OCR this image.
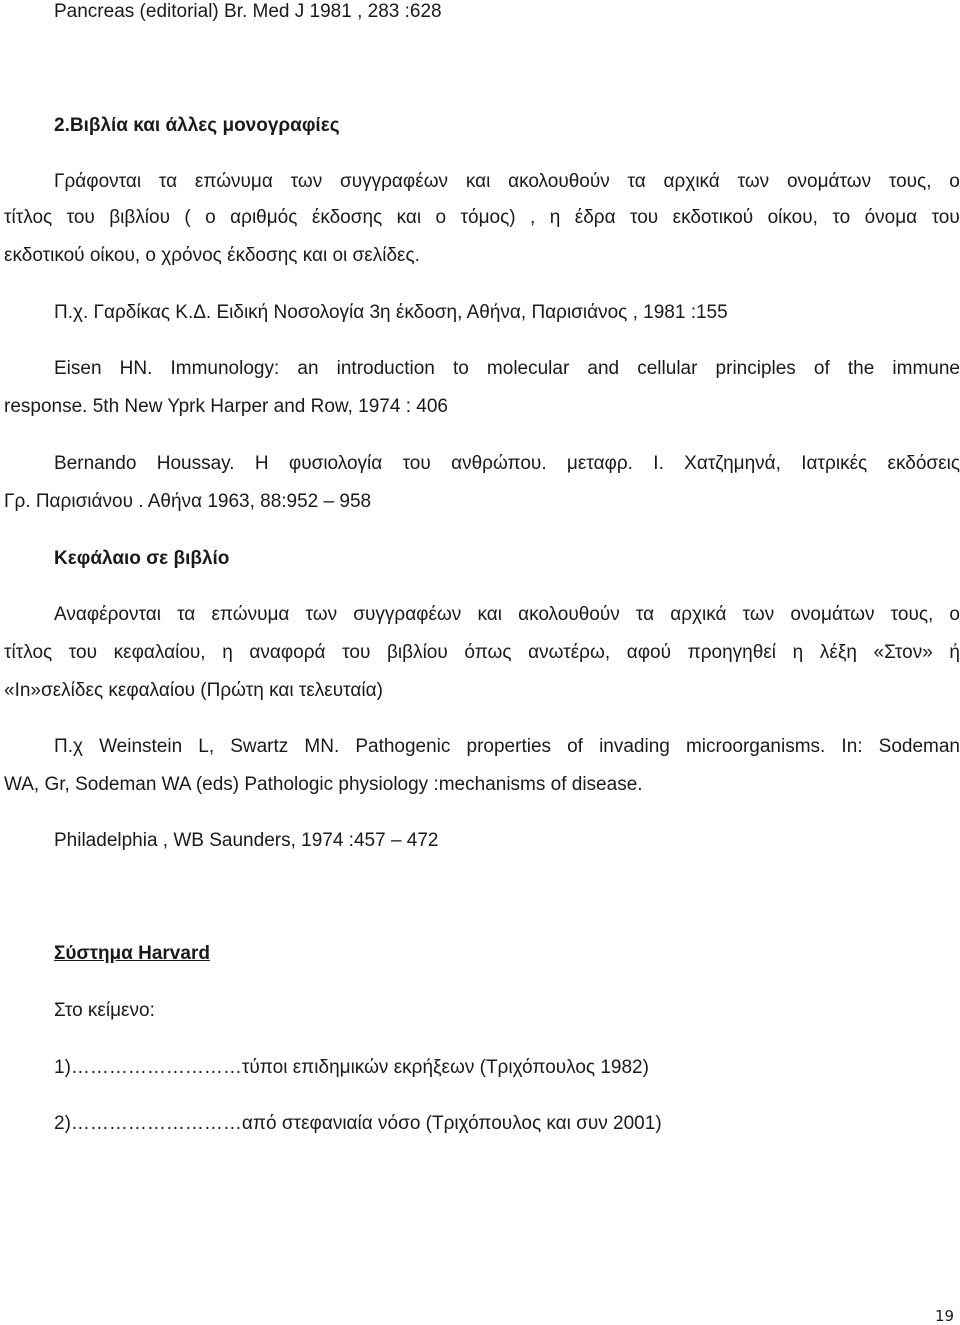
Pancreas (editorial) Br. Med J 1981 , 283 :628
2.Βιβλία και άλλες μονογραφίες
Γράφονται τα επώνυμα των συγγραφέων και ακολουθούν τα αρχικά των ονομάτων τους, ο
τίτλος του βιβλίου ( ο αριθμός έκδοσης και ο τόμος) , η έδρα του εκδοτικού οίκου, το όνομα του
εκδοτικού οίκου, ο χρόνος έκδοσης και οι σελίδες.
Π.χ. Γαρδίκας Κ.Δ. Ειδική Νοσολογία 3η έκδοση, Αθήνα, Παρισιάνος , 1981 :155
Eisen HN. Immunology: an introduction to molecular and cellular principles of the immune
response. 5th New Yprk Harper and Row, 1974 : 406
Bernando Houssay. Η φυσιολογία του ανθρώπου. μεταφρ. Ι. Χατζημηνά, Ιατρικές εκδόσεις
Γρ. Παρισιάνου . Αθήνα 1963, 88:952 – 958
Κεφάλαιο σε βιβλίο
Αναφέρονται τα επώνυμα των συγγραφέων και ακολουθούν τα αρχικά των ονομάτων τους, ο
τίτλος του κεφαλαίου, η αναφορά του βιβλίου όπως ανωτέρω, αφού προηγηθεί η λέξη «Στον» ή
«In»σελίδες κεφαλαίου (Πρώτη και τελευταία)
Π.χ Weinstein L, Swartz MN. Pathogenic properties of invading microorganisms. In: Sodeman
WA, Gr, Sodeman WA (eds) Pathologic physiology :mechanisms of disease.
Philadelphia , WB Saunders, 1974 :457 – 472
Σύστημα Harvard
Στο κείμενο:
1)………………………τύποι επιδημικών εκρήξεων (Τριχόπουλος 1982)
2)………………………από στεφανιαία νόσο (Τριχόπουλος και συν 2001)
19
